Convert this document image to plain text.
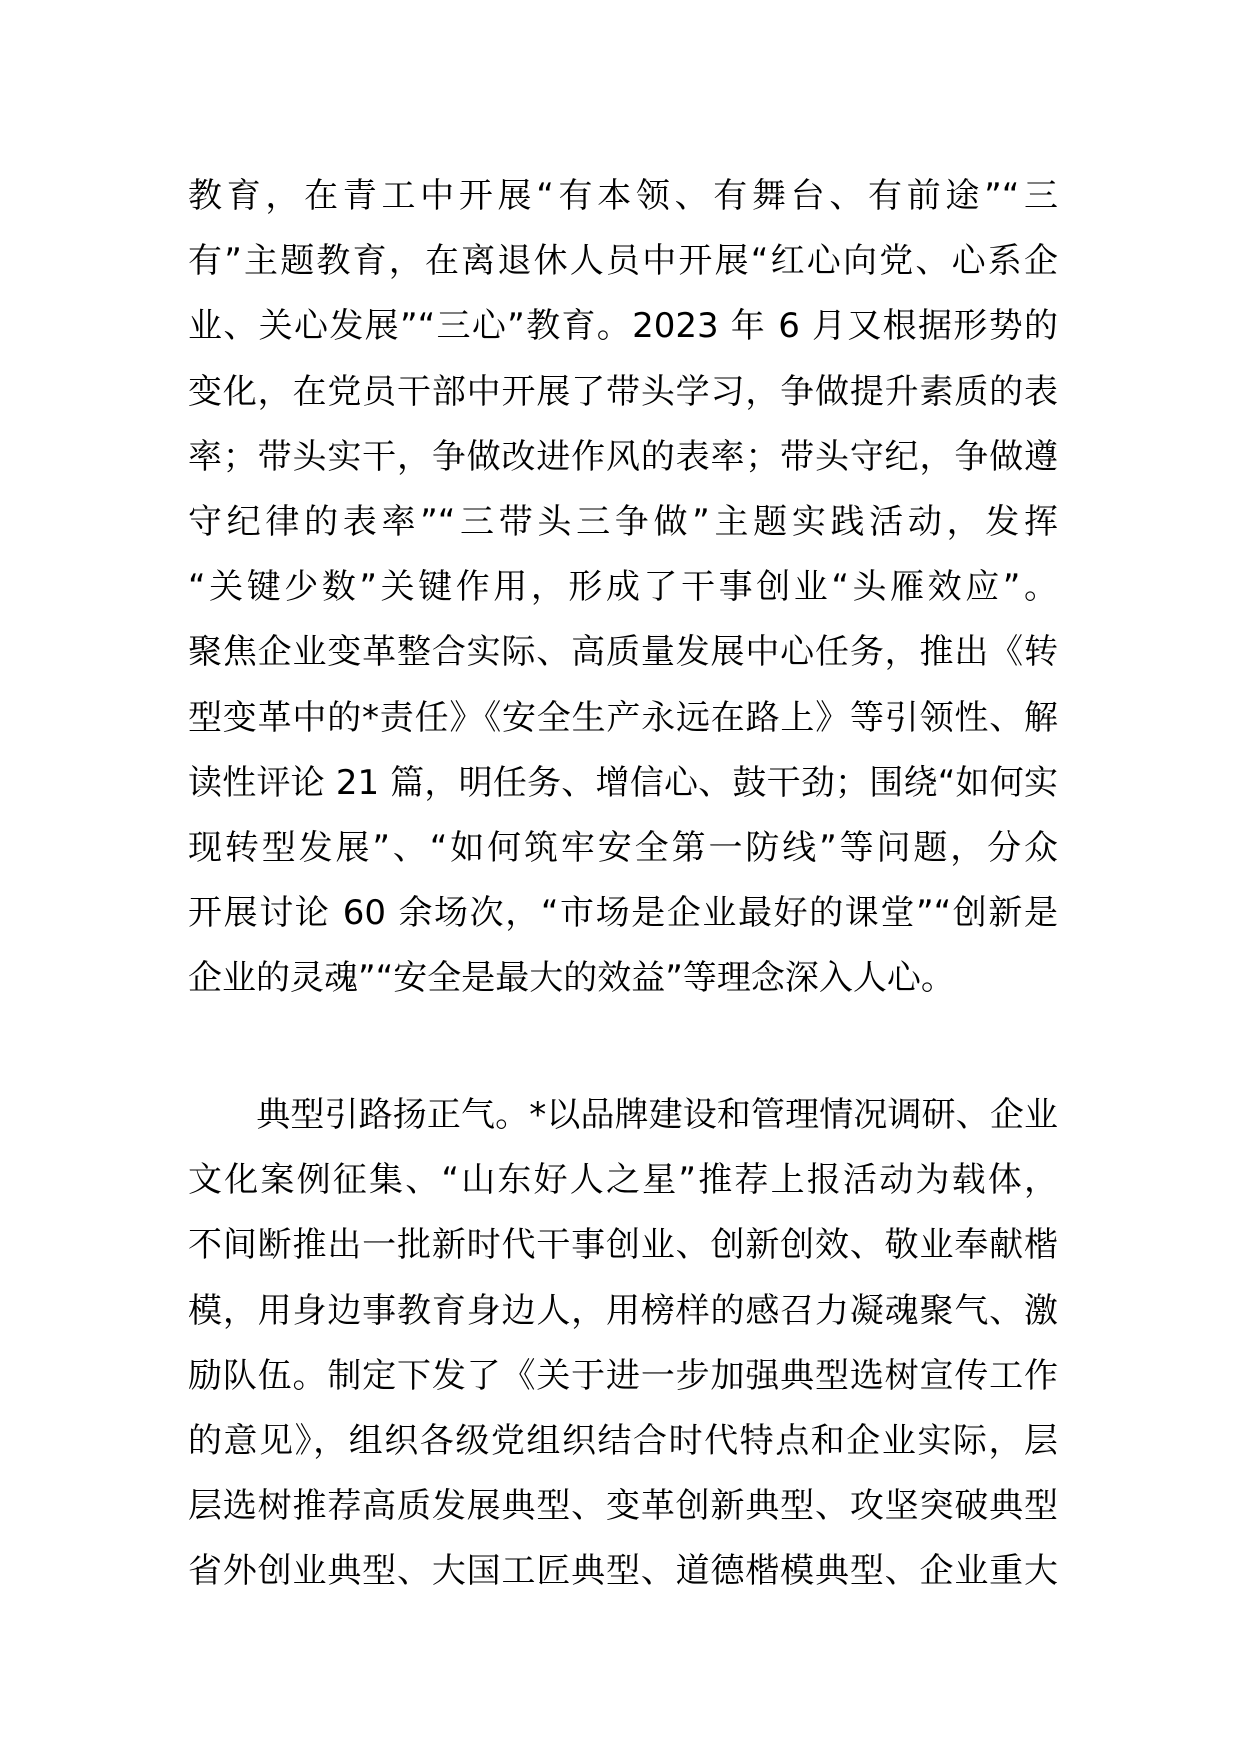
教育，在青工中开展“有本领、有舞台、有前途”“三
有”主题教育，在离退休人员中开展“红心向党、心系企
业、关心发展”“三心”教育。2023 年 6 月又根据形势的
变化，在党员干部中开展了带头学习，争做提升素质的表
率；带头实干，争做改进作风的表率；带头守纪，争做遵
守纪律的表率”“三带头三争做”主题实践活动，发挥
“关键少数”关键作用，形成了干事创业“头雁效应”。
聚焦企业变革整合实际、高质量发展中心任务，推出《转
型变革中的*责任》《安全生产永远在路上》等引领性、解
读性评论 21 篇，明任务、增信心、鼓干劲；围绕“如何实
现转型发展”、“如何筑牢安全第一防线”等问题，分众
开展讨论 60 余场次，“市场是企业最好的课堂”“创新是
企业的灵魂”“安全是最大的效益”等理念深入人心。
　　典型引路扬正气。*以品牌建设和管理情况调研、企业
文化案例征集、“山东好人之星”推荐上报活动为载体，
不间断推出一批新时代干事创业、创新创效、敬业奉献楷
模，用身边事教育身边人，用榜样的感召力凝魂聚气、激
励队伍。制定下发了《关于进一步加强典型选树宣传工作
的意见》，组织各级党组织结合时代特点和企业实际，层
层选树推荐高质发展典型、变革创新典型、攻坚突破典型
省外创业典型、大国工匠典型、道德楷模典型、企业重大
